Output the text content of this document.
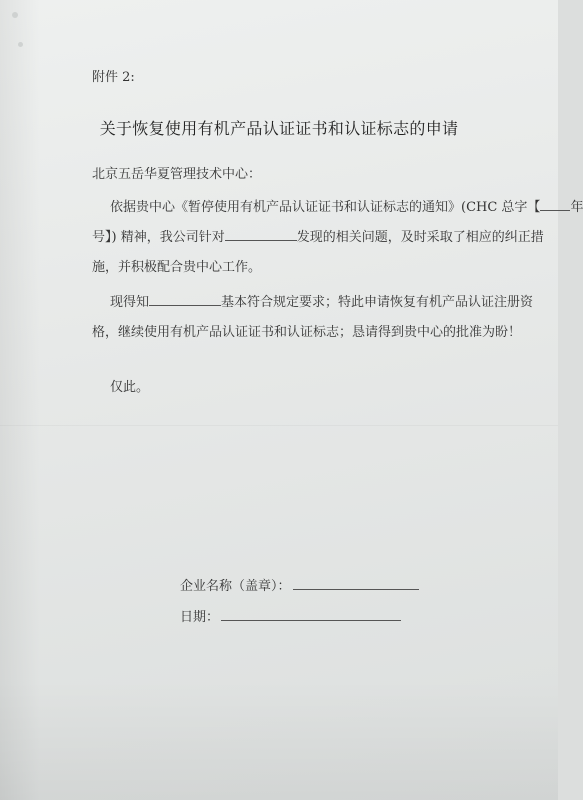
附件 2:
关于恢复使用有机产品认证证书和认证标志的申请
北京五岳华夏管理技术中心：
依据贵中心《暂停使用有机产品认证证书和认证标志的通知》(CHC 总字【 年
号】) 精神，我公司针对	发现的相关问题，及时采取了相应的纠正措
施，并积极配合贵中心工作。
现得知	基本符合规定要求；特此申请恢复有机产品认证注册资
格，继续使用有机产品认证证书和认证标志；恳请得到贵中心的批准为盼！
仅此。
企业名称（盖章）：
日期：
